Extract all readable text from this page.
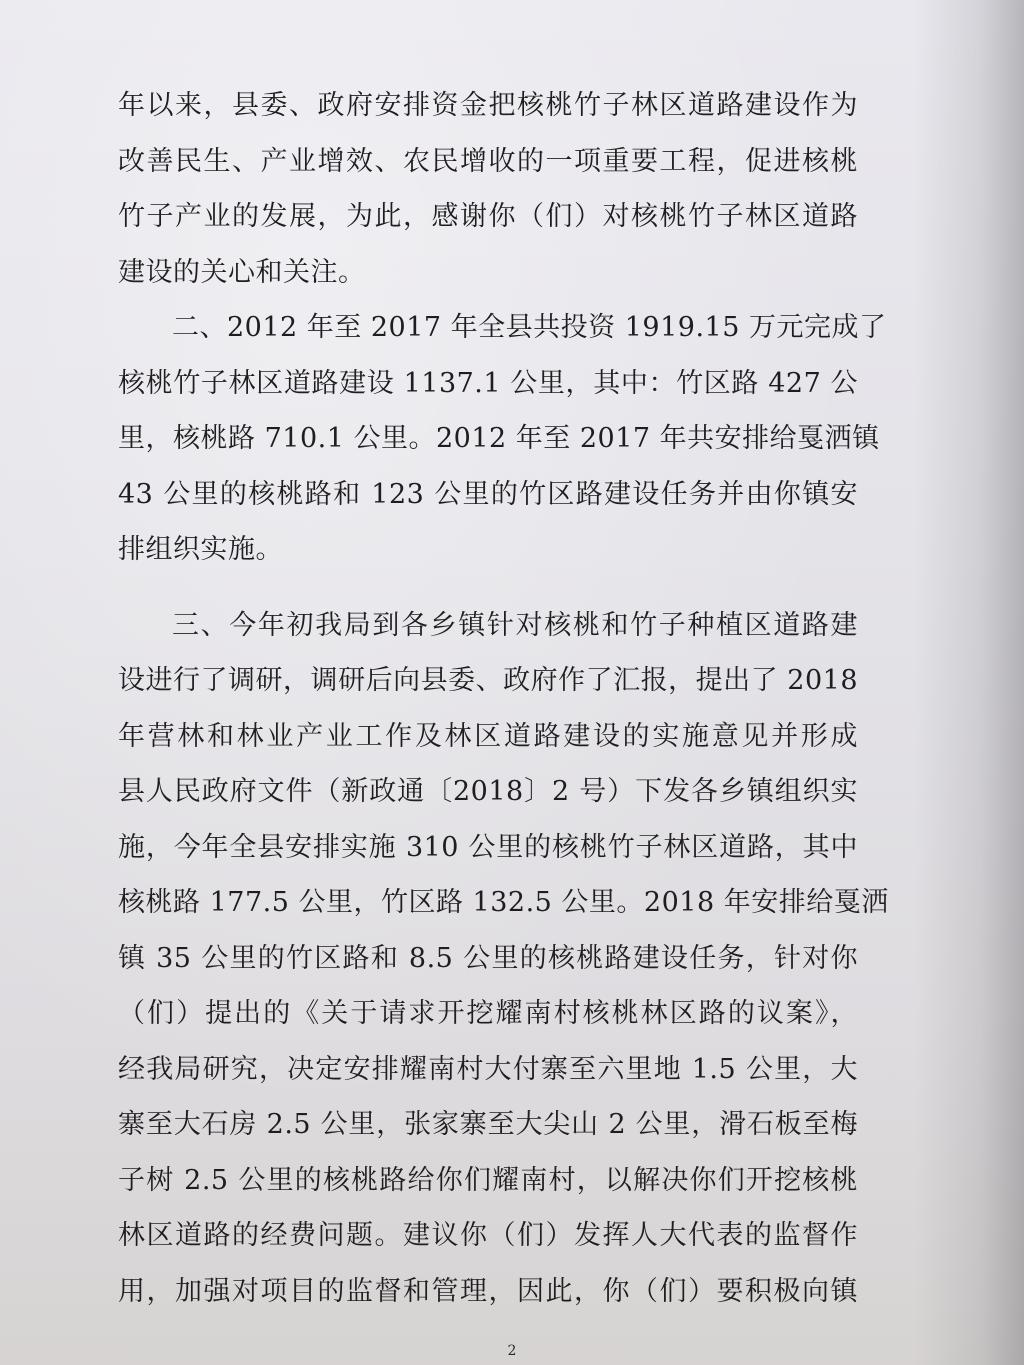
年以来，县委、政府安排资金把核桃竹子林区道路建设作为
改善民生、产业增效、农民增收的一项重要工程，促进核桃
竹子产业的发展，为此，感谢你（们）对核桃竹子林区道路
建设的关心和关注。

二、2012 年至 2017 年全县共投资 1919.15 万元完成了

核桃竹子林区道路建设 1137.1 公里，其中：竹区路 427 公
里，核桃路 710.1 公里。2012 年至 2017 年共安排给戛洒镇
43 公里的核桃路和 123 公里的竹区路建设任务并由你镇安
排组织实施。

三、今年初我局到各乡镇针对核桃和竹子种植区道路建

设进行了调研，调研后向县委、政府作了汇报，提出了 2018
年营林和林业产业工作及林区道路建设的实施意见并形成
县人民政府文件（新政通〔2018〕2 号）下发各乡镇组织实
施，今年全县安排实施 310 公里的核桃竹子林区道路，其中
核桃路 177.5 公里，竹区路 132.5 公里。2018 年安排给戛洒
镇 35 公里的竹区路和 8.5 公里的核桃路建设任务，针对你
（们）提出的《关于请求开挖耀南村核桃林区路的议案》，
经我局研究，决定安排耀南村大付寨至六里地 1.5 公里，大
寨至大石房 2.5 公里，张家寨至大尖山 2 公里，滑石板至梅
子树 2.5 公里的核桃路给你们耀南村，以解决你们开挖核桃
林区道路的经费问题。建议你（们）发挥人大代表的监督作
用，加强对项目的监督和管理，因此，你（们）要积极向镇

2
